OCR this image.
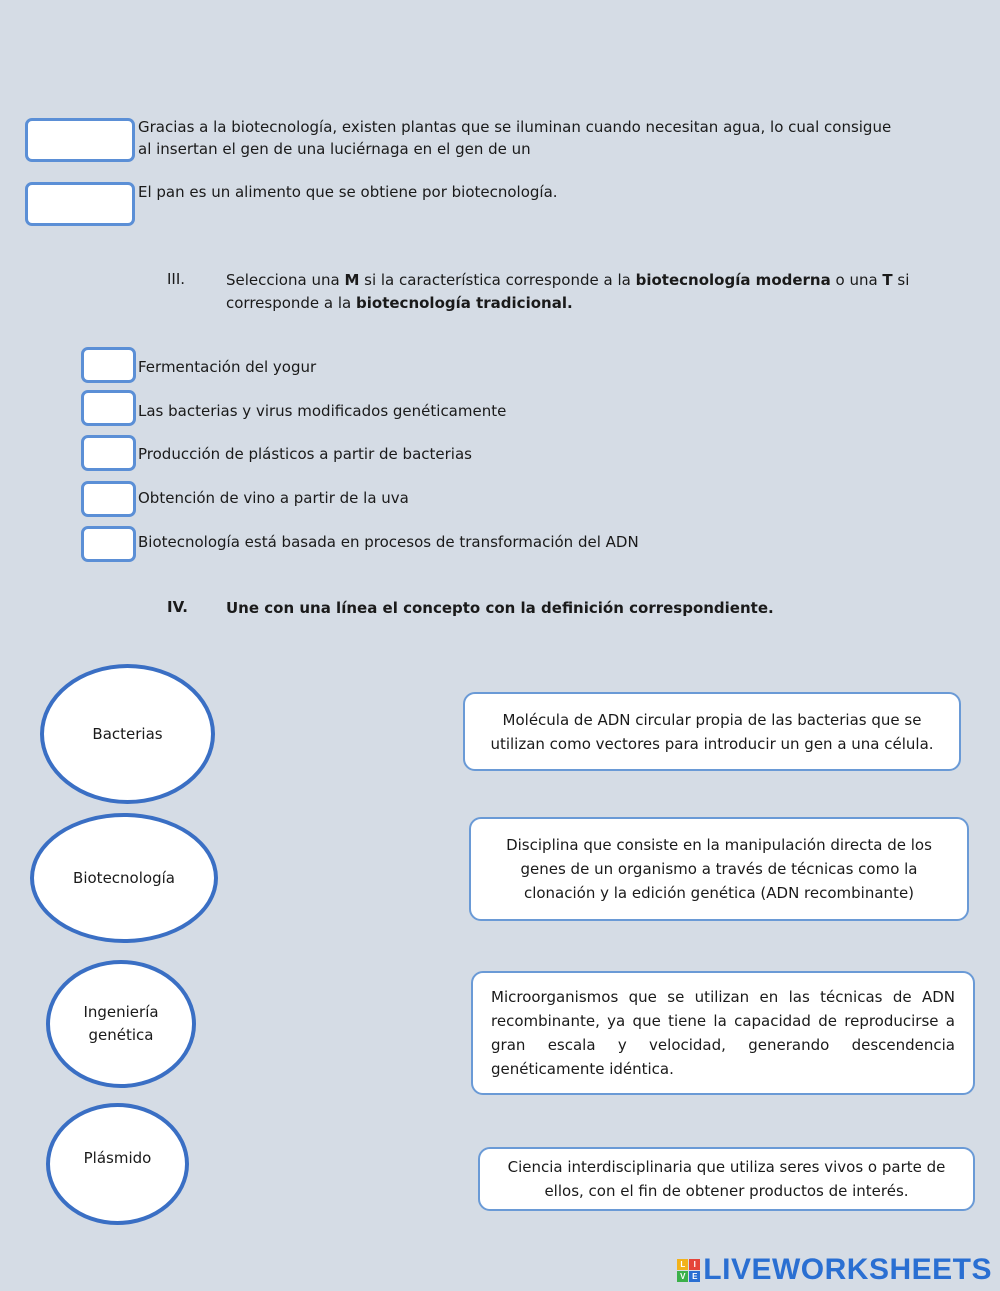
Gracias a la biotecnología, existen plantas que se iluminan cuando necesitan agua, lo cual consigue
al insertan el gen de una luciérnaga en el gen de un
El pan es un alimento que se obtiene por biotecnología.
III.	Selecciona una M si la característica corresponde a la biotecnología moderna o una T si
corresponde a la biotecnología tradicional.
Fermentación del yogur
Las bacterias y virus modificados genéticamente
Producción de plásticos a partir de bacterias
Obtención de vino a partir de la uva
Biotecnología está basada en procesos de transformación del ADN
IV.	Une con una línea el concepto con la definición correspondiente.
Bacterias
Biotecnología
Ingeniería genética
Plásmido
Molécula de ADN circular propia de las bacterias que se utilizan como vectores para introducir un gen a una célula.
Disciplina que consiste en la manipulación directa de los genes de un organismo a través de técnicas como la clonación y la edición genética (ADN recombinante)
Microorganismos que se utilizan en las técnicas de ADN recombinante, ya que tiene la capacidad de reproducirse a gran escala y velocidad, generando descendencia genéticamente idéntica.
Ciencia interdisciplinaria que utiliza seres vivos o parte de ellos, con el fin de obtener productos de interés.
L	I
V E LIVEWORKSHEETS
